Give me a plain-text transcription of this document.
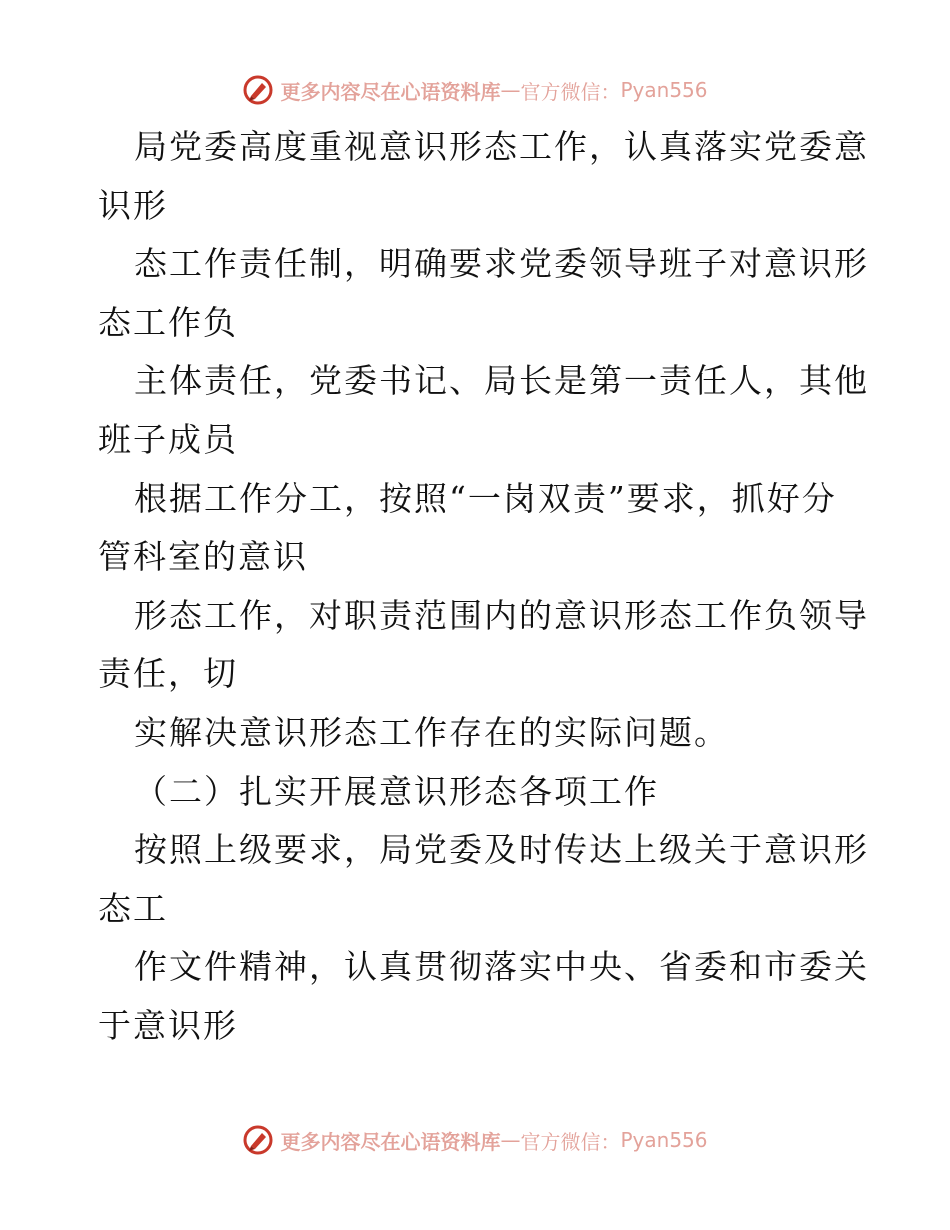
更多内容尽在心语资料库 — 官方微信： Pyan556
局党委高度重视意识形态工作，认真落实党委意
识形
态工作责任制，明确要求党委领导班子对意识形
态工作负
主体责任，党委书记、局长是第一责任人，其他
班子成员
根据工作分工，按照“一岗双责”要求，抓好分
管科室的意识
形态工作，对职责范围内的意识形态工作负领导
责任，切
实解决意识形态工作存在的实际问题。
（二）扎实开展意识形态各项工作
按照上级要求，局党委及时传达上级关于意识形
态工
作文件精神，认真贯彻落实中央、省委和市委关
于意识形
更多内容尽在心语资料库 — 官方微信： Pyan556
